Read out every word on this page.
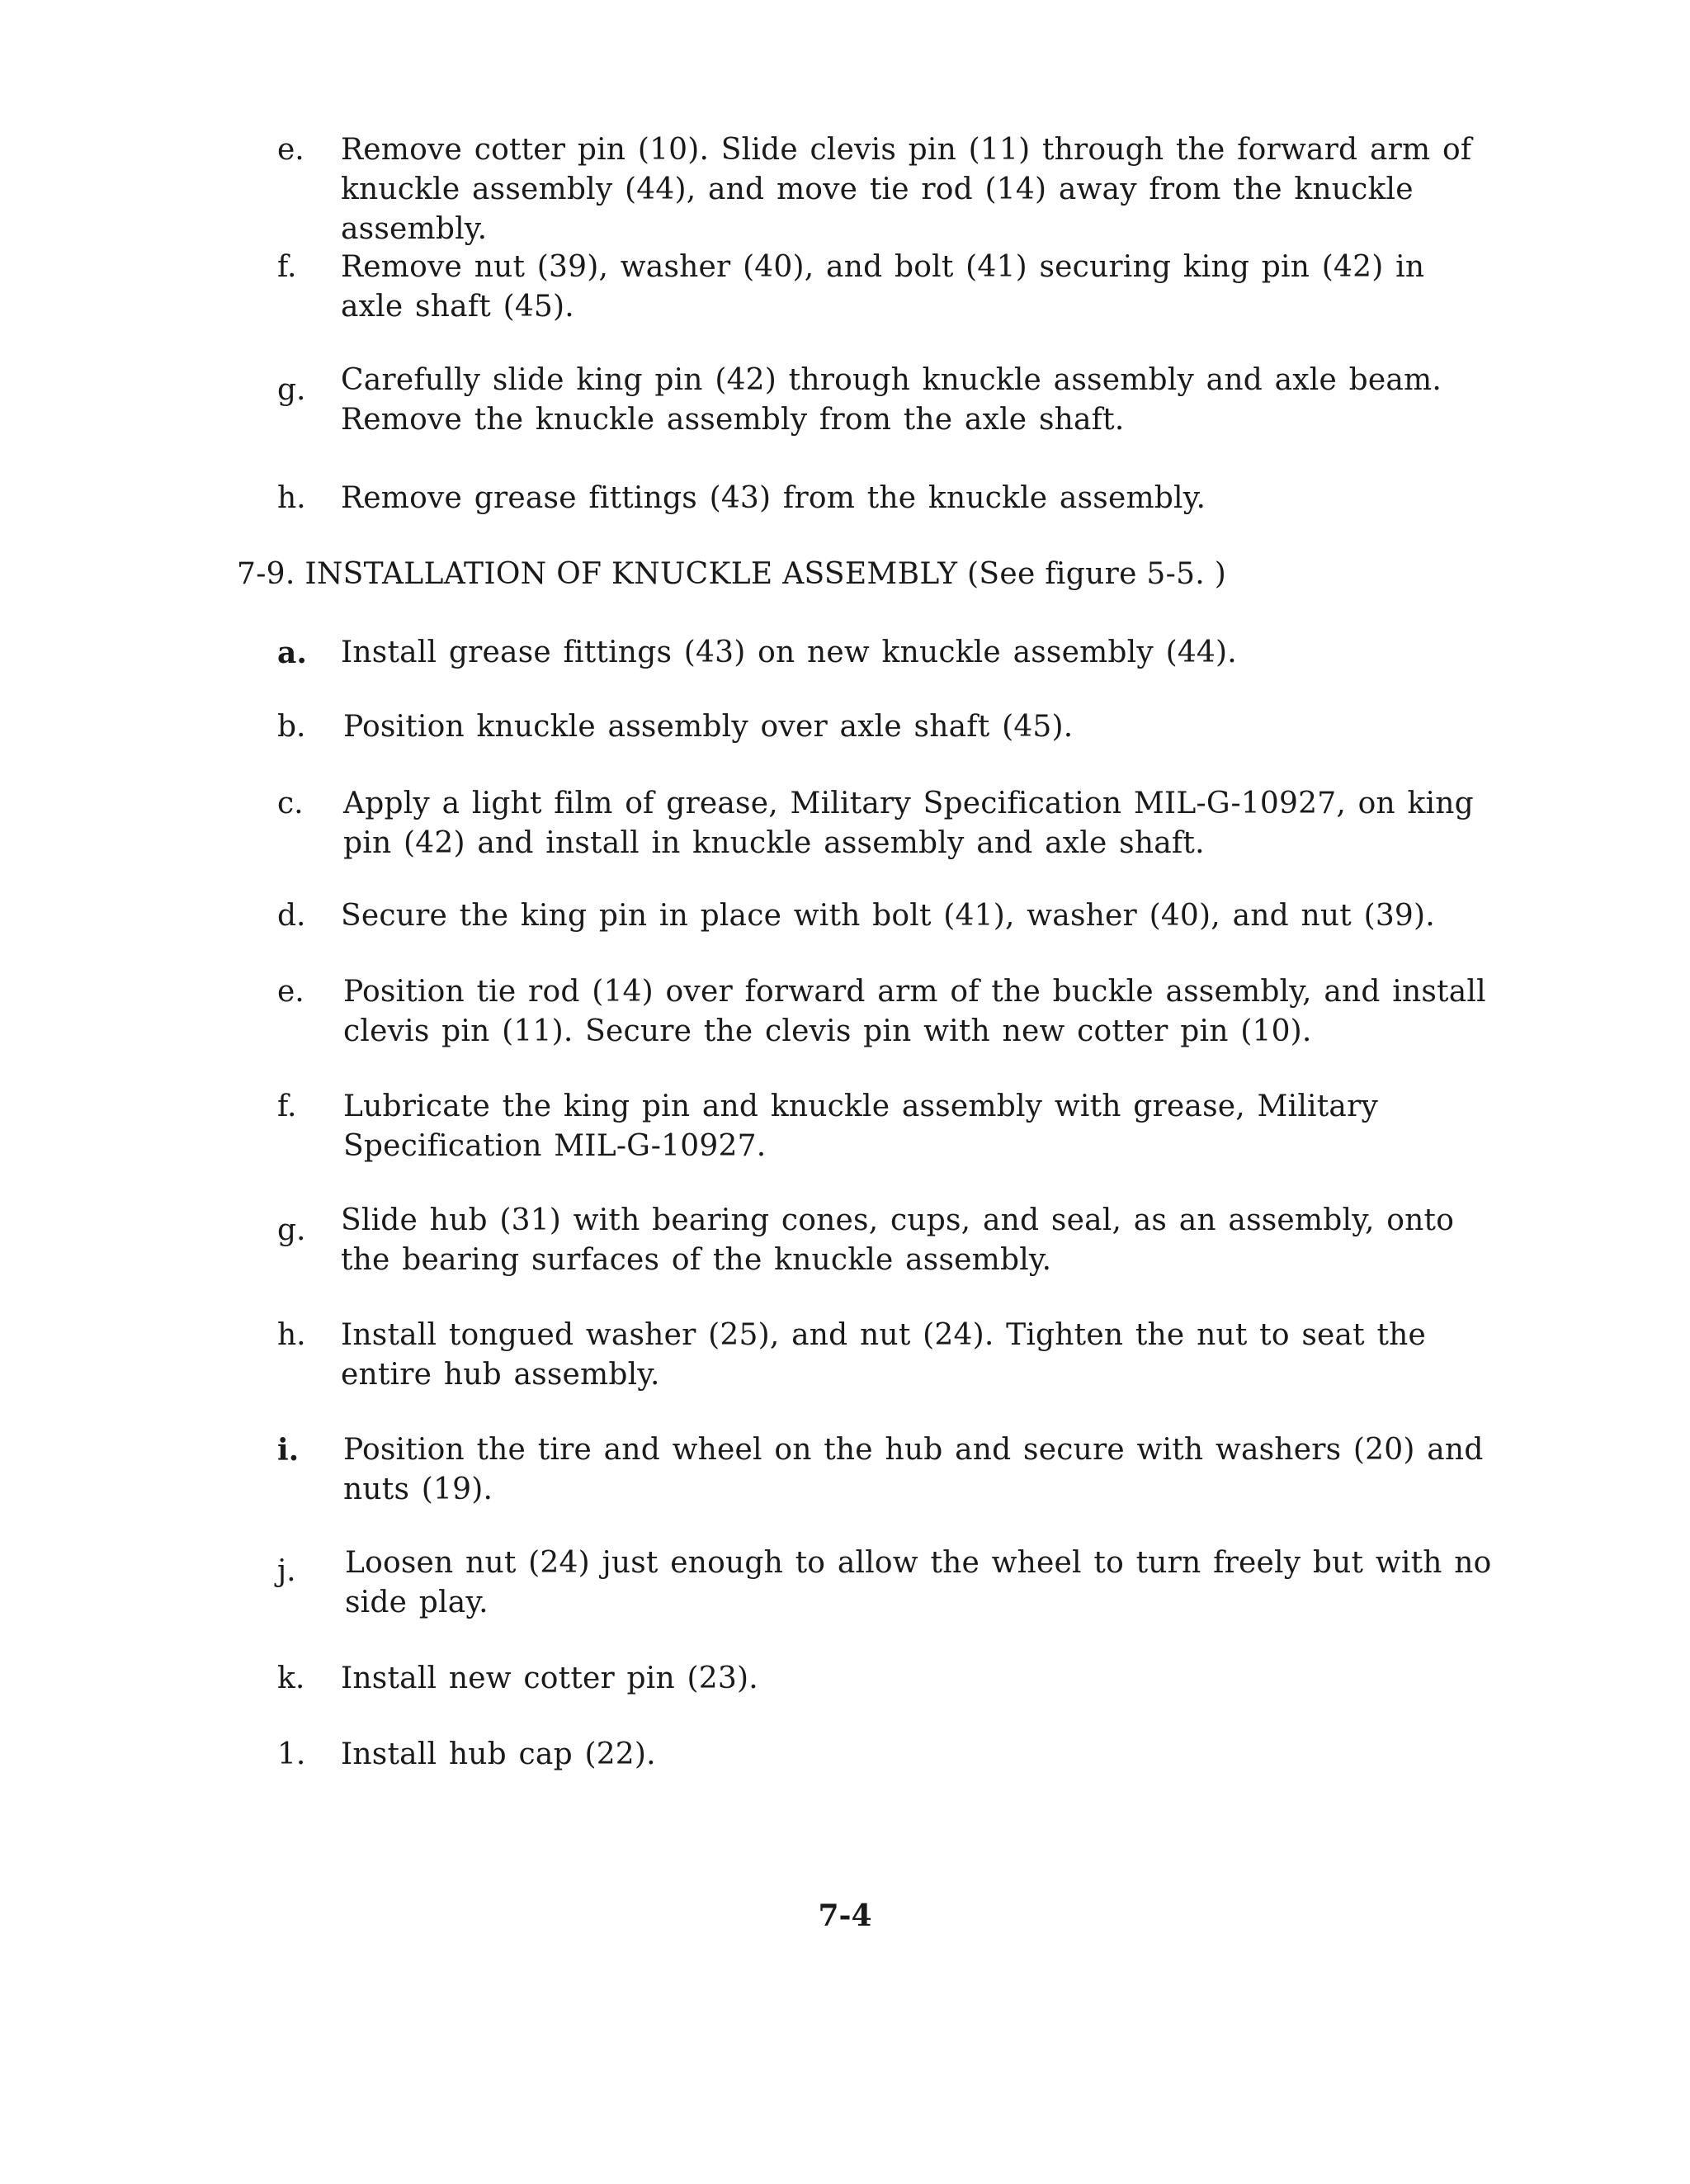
e. Remove cotter pin (10). Slide clevis pin (11) through the forward arm of knuckle assembly (44), and move tie rod (14) away from the knuckle assembly.
f. Remove nut (39), washer (40), and bolt (41) securing king pin (42) in axle shaft (45).
g. Carefully slide king pin (42) through knuckle assembly and axle beam. Remove the knuckle assembly from the axle shaft.
h. Remove grease fittings (43) from the knuckle assembly.
7-9. INSTALLATION OF KNUCKLE ASSEMBLY (See figure 5-5. )
a. Install grease fittings (43) on new knuckle assembly (44).
b. Position knuckle assembly over axle shaft (45).
c. Apply a light film of grease, Military Specification MIL-G-10927, on king pin (42) and install in knuckle assembly and axle shaft.
d. Secure the king pin in place with bolt (41), washer (40), and nut (39).
e. Position tie rod (14) over forward arm of the buckle assembly, and install clevis pin (11). Secure the clevis pin with new cotter pin (10).
f. Lubricate the king pin and knuckle assembly with grease, Military Specification MIL-G-10927.
g. Slide hub (31) with bearing cones, cups, and seal, as an assembly, onto the bearing surfaces of the knuckle assembly.
h. Install tongued washer (25), and nut (24). Tighten the nut to seat the entire hub assembly.
i. Position the tire and wheel on the hub and secure with washers (20) and nuts (19).
j. Loosen nut (24) just enough to allow the wheel to turn freely but with no side play.
k. Install new cotter pin (23).
1. Install hub cap (22).
7-4
